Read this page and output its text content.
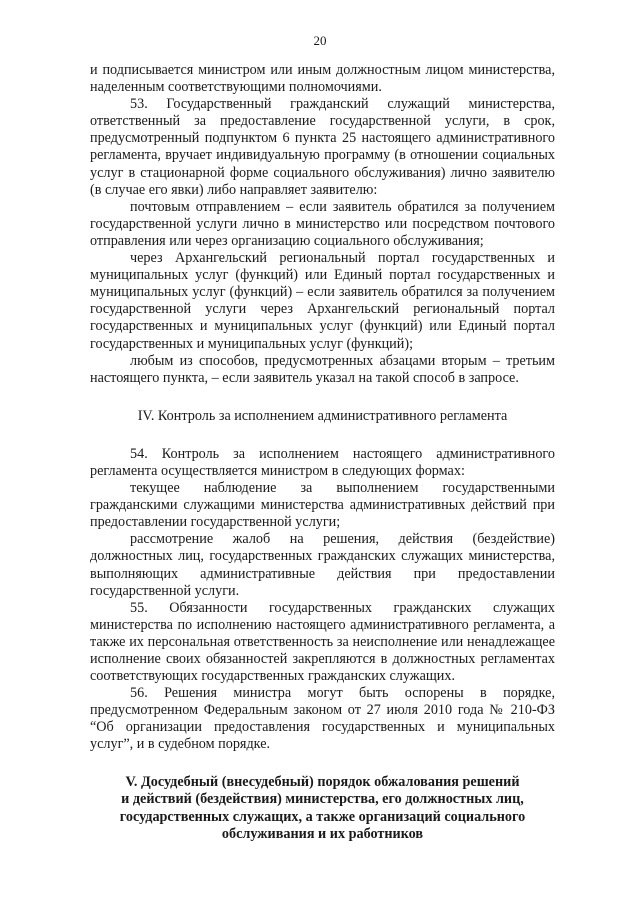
20

и подписывается министром или иным должностным лицом министерства, наделенным соответствующими полномочиями.

53. Государственный гражданский служащий министерства, ответственный за предоставление государственной услуги, в срок, предусмотренный подпунктом 6 пункта 25 настоящего административного регламента, вручает индивидуальную программу (в отношении социальных услуг в стационарной форме социального обслуживания) лично заявителю (в случае его явки) либо направляет заявителю:

почтовым отправлением – если заявитель обратился за получением государственной услуги лично в министерство или посредством почтового отправления или через организацию социального обслуживания;

через Архангельский региональный портал государственных и муниципальных услуг (функций) или Единый портал государственных и муниципальных услуг (функций) – если заявитель обратился за получением государственной услуги через Архангельский региональный портал государственных и муниципальных услуг (функций) или Единый портал государственных и муниципальных услуг (функций);

любым из способов, предусмотренных абзацами вторым – третьим настоящего пункта, – если заявитель указал на такой способ в запросе.

IV. Контроль за исполнением административного регламента

54. Контроль за исполнением настоящего административного регламента осуществляется министром в следующих формах:

текущее наблюдение за выполнением государственными гражданскими служащими министерства административных действий при предоставлении государственной услуги;

рассмотрение жалоб на решения, действия (бездействие) должностных лиц, государственных гражданских служащих министерства, выполняющих административные действия при предоставлении государственной услуги.

55. Обязанности государственных гражданских служащих министерства по исполнению настоящего административного регламента, а также их персональная ответственность за неисполнение или ненадлежащее исполнение своих обязанностей закрепляются в должностных регламентах соответствующих государственных гражданских служащих.

56. Решения министра могут быть оспорены в порядке, предусмотренном Федеральным законом от 27 июля 2010 года № 210-ФЗ “Об организации предоставления государственных и муниципальных услуг”, и в судебном порядке.

V. Досудебный (внесудебный) порядок обжалования решений
и действий (бездействия) министерства, его должностных лиц,
государственных служащих, а также организаций социального
обслуживания и их работников
